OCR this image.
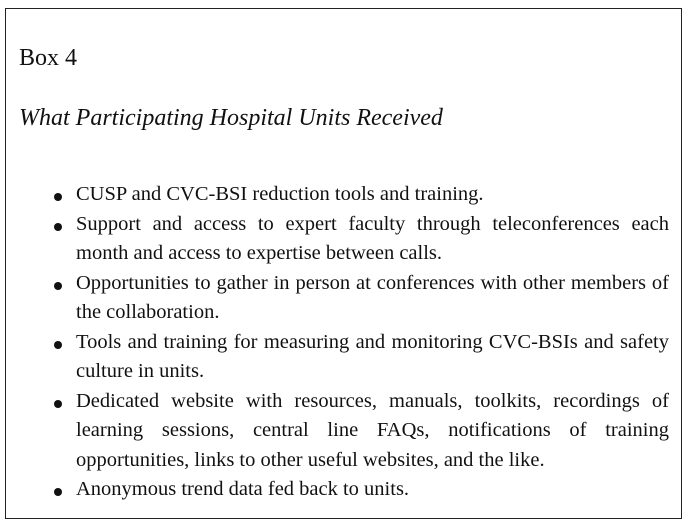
Box 4
What Participating Hospital Units Received
CUSP and CVC-BSI reduction tools and training.
Support and access to expert faculty through teleconferences each month and access to expertise between calls.
Opportunities to gather in person at conferences with other members of the collaboration.
Tools and training for measuring and monitoring CVC-BSIs and safety culture in units.
Dedicated website with resources, manuals, toolkits, recordings of learning sessions, central line FAQs, notifications of training opportunities, links to other useful websites, and the like.
Anonymous trend data fed back to units.
